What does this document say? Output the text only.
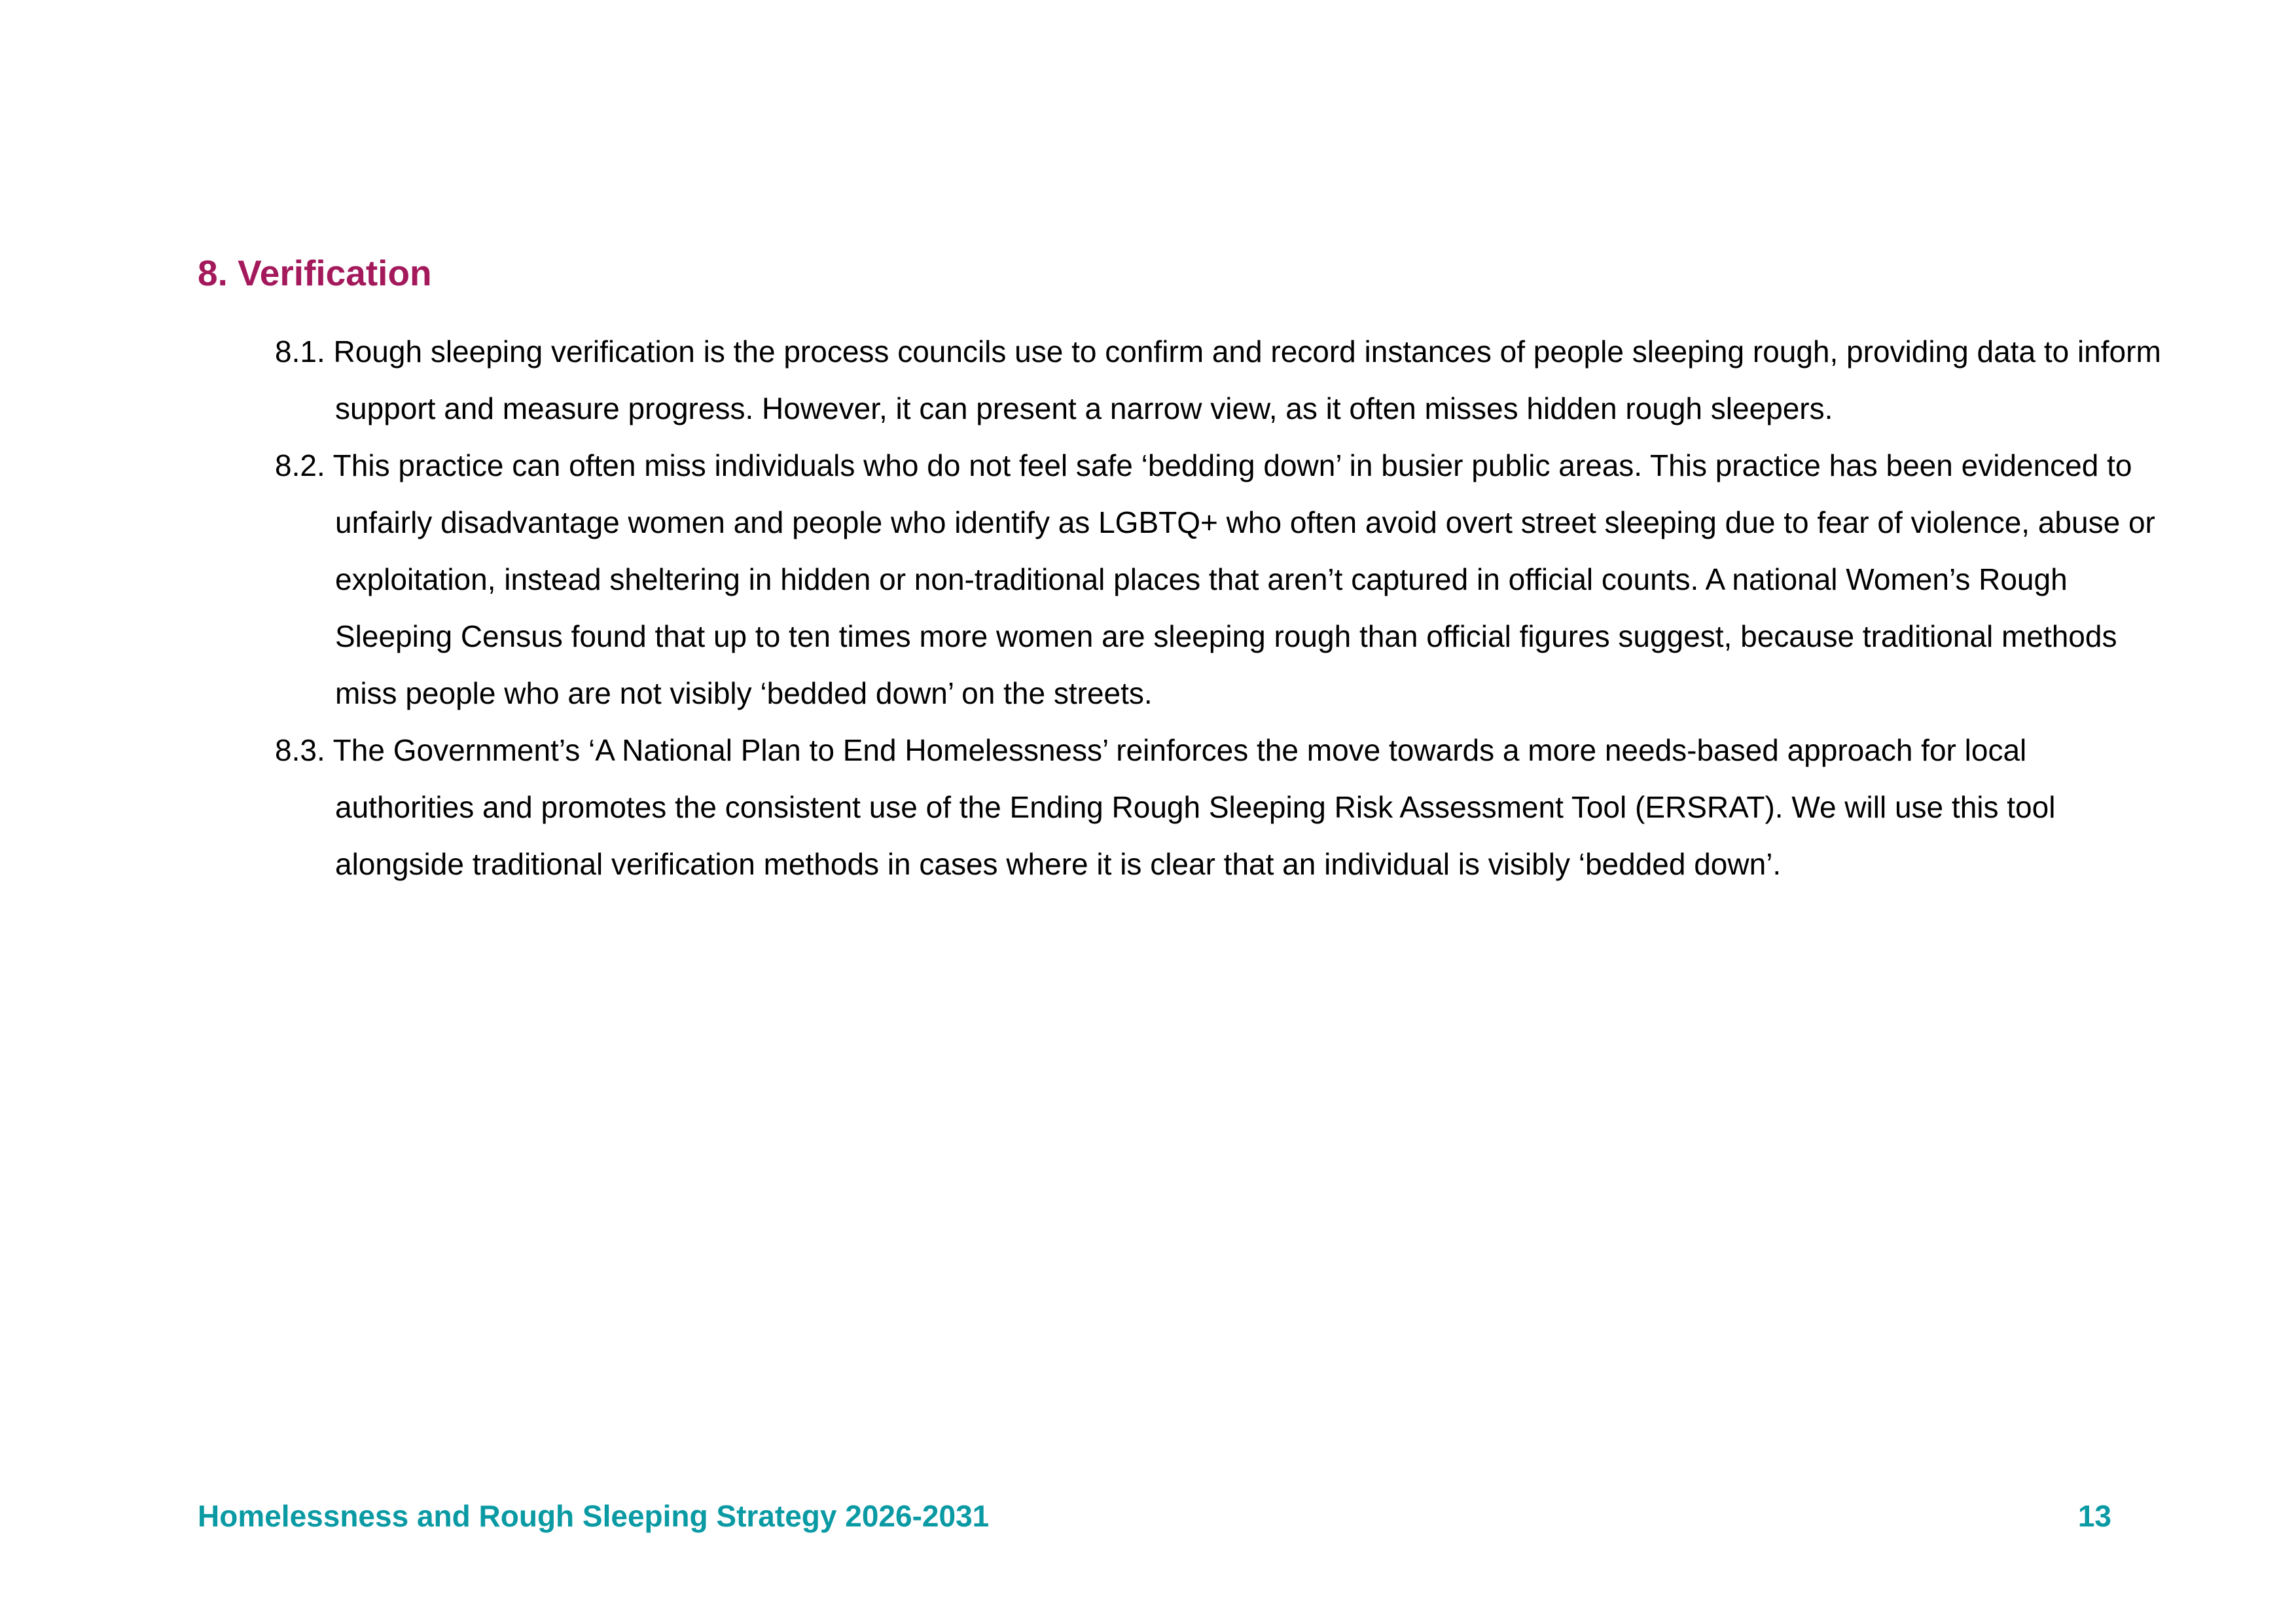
8. Verification
8.1. Rough sleeping verification is the process councils use to confirm and record instances of people sleeping rough, providing data to inform support and measure progress. However, it can present a narrow view, as it often misses hidden rough sleepers.
8.2. This practice can often miss individuals who do not feel safe ‘bedding down’ in busier public areas. This practice has been evidenced to unfairly disadvantage women and people who identify as LGBTQ+ who often avoid overt street sleeping due to fear of violence, abuse or exploitation, instead sheltering in hidden or non-traditional places that aren’t captured in official counts. A national Women’s Rough Sleeping Census found that up to ten times more women are sleeping rough than official figures suggest, because traditional methods miss people who are not visibly ‘bedded down’ on the streets.
8.3. The Government’s ‘A National Plan to End Homelessness’ reinforces the move towards a more needs-based approach for local authorities and promotes the consistent use of the Ending Rough Sleeping Risk Assessment Tool (ERSRAT). We will use this tool alongside traditional verification methods in cases where it is clear that an individual is visibly ‘bedded down’.
Homelessness and Rough Sleeping Strategy 2026-2031	13
